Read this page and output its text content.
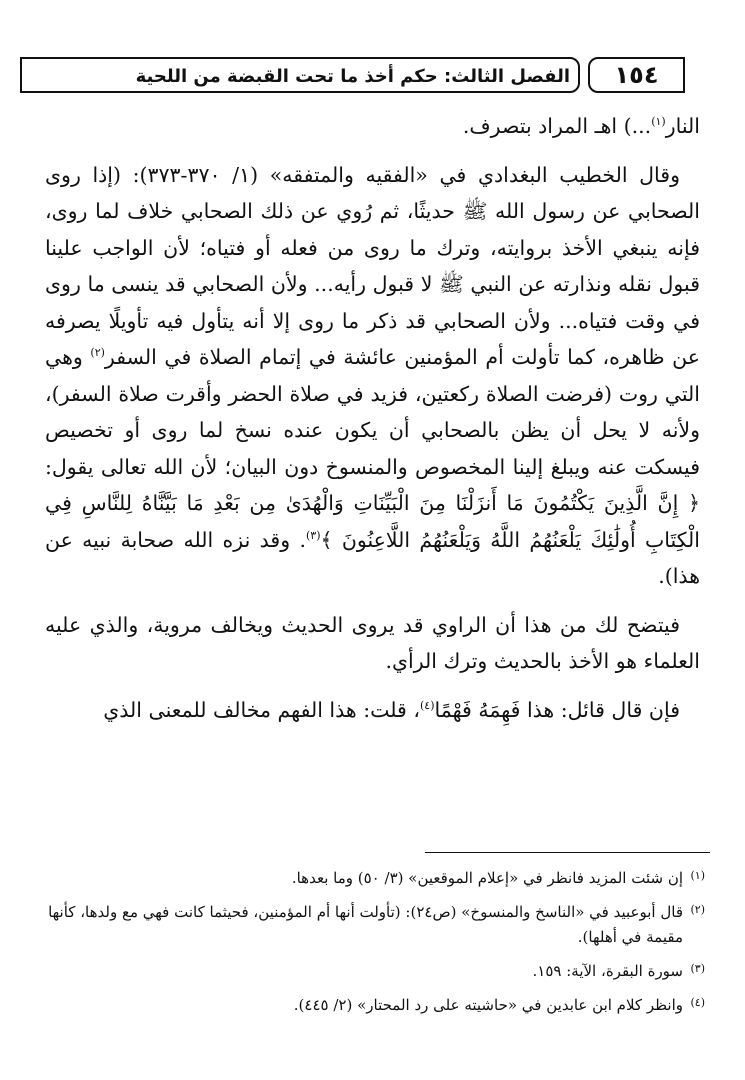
الفصل الثالث: حكم أخذ ما تحت القبضة من اللحية	١٥٤

النار$^{(١)}$...) اهـ المراد بتصرف.

وقال الخطيب البغدادي في «الفقيه والمتفقه» (١/ ٣٧٠-٣٧٣): (إذا روى الصحابي عن رسول الله ﷺ حديثًا، ثم رُوي عن ذلك الصحابي خلاف لما روى، فإنه ينبغي الأخذ بروايته، وترك ما روى من فعله أو فتياه؛ لأن الواجب علينا قبول نقله ونذارته عن النبي ﷺ لا قبول رأيه... ولأن الصحابي قد ينسى ما روى في وقت فتياه... ولأن الصحابي قد ذكر ما روى إلا أنه يتأول فيه تأويلًا يصرفه عن ظاهره، كما تأولت أم المؤمنين عائشة في إتمام الصلاة في السفر$^{(٢)}$ وهي التي روت (فرضت الصلاة ركعتين، فزيد في صلاة الحضر وأقرت صلاة السفر)، ولأنه لا يحل أن يظن بالصحابي أن يكون عنده نسخ لما روى أو تخصيص فيسكت عنه ويبلغ إلينا المخصوص والمنسوخ دون البيان؛ لأن الله تعالى يقول: ﴿ إِنَّ الَّذِينَ يَكْتُمُونَ مَا أَنزَلْنَا مِنَ الْبَيِّنَاتِ وَالْهُدَىٰ مِن بَعْدِ مَا بَيَّنَّاهُ لِلنَّاسِ فِي الْكِتَابِ أُولَٰئِكَ يَلْعَنُهُمُ اللَّهُ وَيَلْعَنُهُمُ اللَّاعِنُونَ ﴾$^{(٣)}$. وقد نزه الله صحابة نبيه عن هذا).

فيتضح لك من هذا أن الراوي قد يروى الحديث ويخالف مروية، والذي عليه العلماء هو الأخذ بالحديث وترك الرأي.

فإن قال قائل: هذا فَهِمَهُ فَهْمًا$^{(٤)}$، قلت: هذا الفهم مخالف للمعنى الذي

(١)
إن شئت المزيد فانظر في «إعلام الموقعين» (٣/ ٥٠) وما بعدها.

(٢)
قال أبوعبيد في «الناسخ والمنسوخ» (ص٢٤): (تأولت أنها أم المؤمنين، فحيثما كانت فهي مع ولدها، كأنها مقيمة في أهلها).

(٣)
سورة البقرة، الآية: ١٥٩.

(٤)
وانظر كلام ابن عابدين في «حاشيته على رد المحتار» (٢/ ٤٤٥).
